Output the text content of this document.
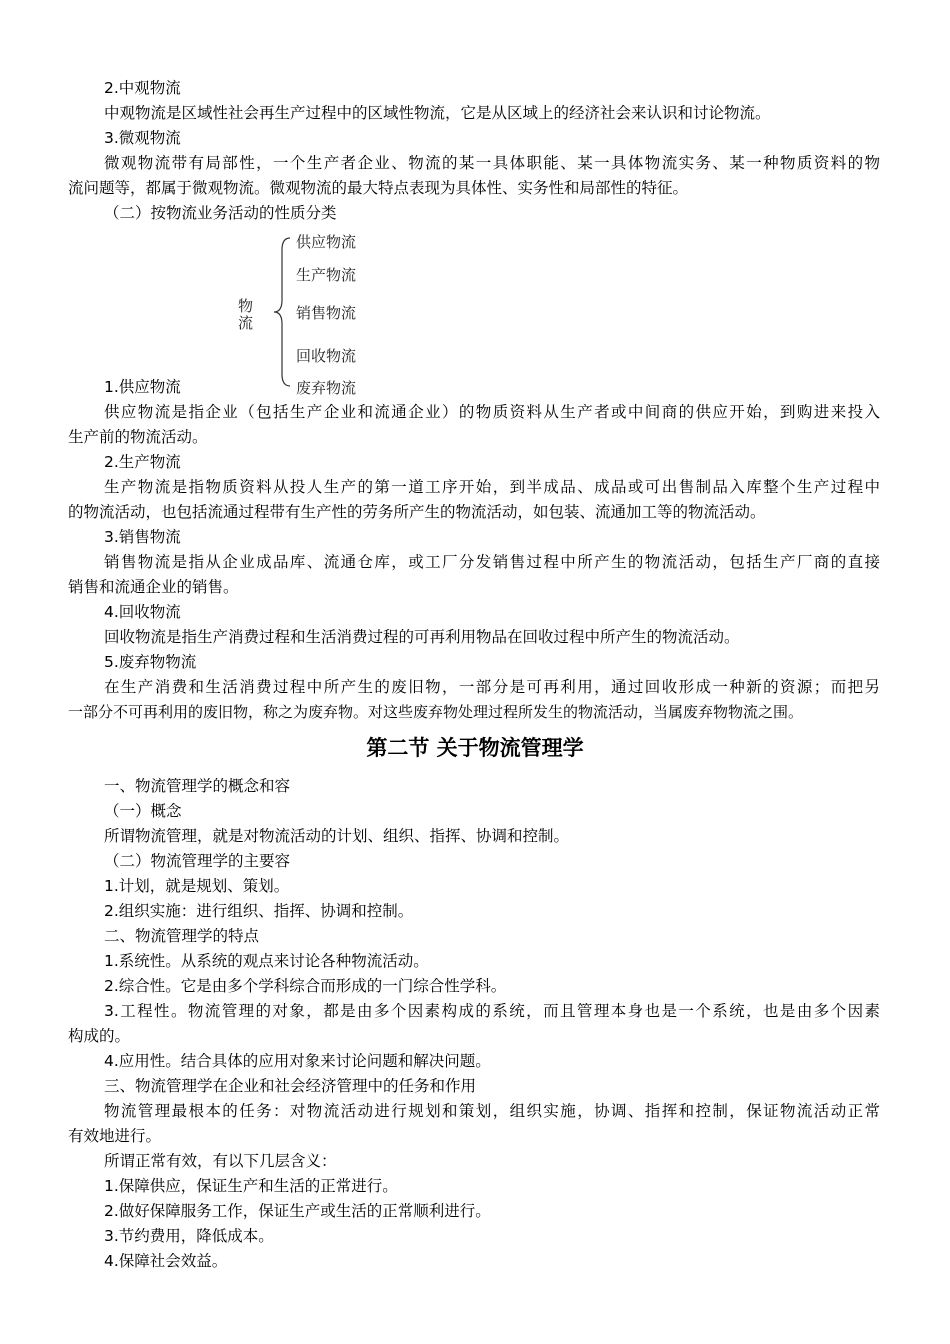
2.中观物流
中观物流是区域性社会再生产过程中的区域性物流，它是从区域上的经济社会来认识和讨论物流。
3.微观物流
微观物流带有局部性，一个生产者企业、物流的某一具体职能、某一具体物流实务、某一种物质资料的物
流问题等，都属于微观物流。微观物流的最大特点表现为具体性、实务性和局部性的特征。
（二）按物流业务活动的性质分类
物
流
供应物流
生产物流
销售物流
回收物流
废弃物流
1.供应物流
供应物流是指企业（包括生产企业和流通企业）的物质资料从生产者或中间商的供应开始，到购进来投入
生产前的物流活动。
2.生产物流
生产物流是指物质资料从投人生产的第一道工序开始，到半成品、成品或可出售制品入库整个生产过程中
的物流活动，也包括流通过程带有生产性的劳务所产生的物流活动，如包装、流通加工等的物流活动。
3.销售物流
销售物流是指从企业成品库、流通仓库，或工厂分发销售过程中所产生的物流活动，包括生产厂商的直接
销售和流通企业的销售。
4.回收物流
回收物流是指生产消费过程和生活消费过程的可再利用物品在回收过程中所产生的物流活动。
5.废弃物物流
在生产消费和生活消费过程中所产生的废旧物，一部分是可再利用，通过回收形成一种新的资源；而把另
一部分不可再利用的废旧物，称之为废弃物。对这些废弃物处理过程所发生的物流活动，当属废弃物物流之围。
第二节 关于物流管理学
一、物流管理学的概念和容
（一）概念
所谓物流管理，就是对物流活动的计划、组织、指挥、协调和控制。
（二）物流管理学的主要容
1.计划，就是规划、策划。
2.组织实施：进行组织、指挥、协调和控制。
二、物流管理学的特点
1.系统性。从系统的观点来讨论各种物流活动。
2.综合性。它是由多个学科综合而形成的一门综合性学科。
3.工程性。物流管理的对象，都是由多个因素构成的系统，而且管理本身也是一个系统，也是由多个因素
构成的。
4.应用性。结合具体的应用对象来讨论问题和解决问题。
三、物流管理学在企业和社会经济管理中的任务和作用
物流管理最根本的任务：对物流活动进行规划和策划，组织实施，协调、指挥和控制，保证物流活动正常
有效地进行。
所谓正常有效，有以下几层含义：
1.保障供应，保证生产和生活的正常进行。
2.做好保障服务工作，保证生产或生活的正常顺利进行。
3.节约费用，降低成本。
4.保障社会效益。
